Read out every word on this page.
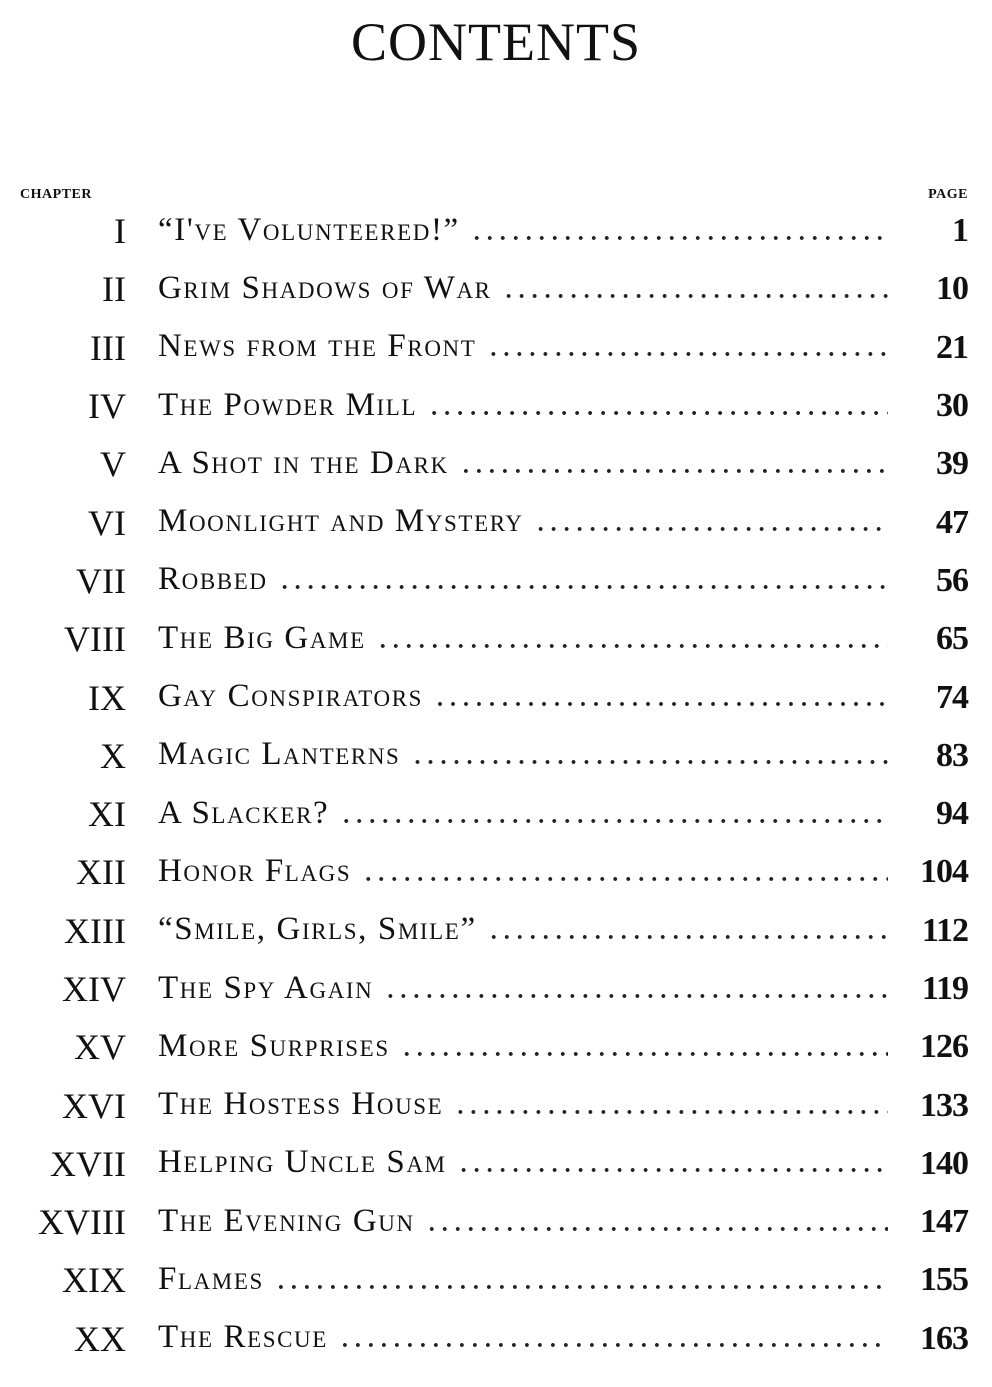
CONTENTS
chapter	page
I “I've Volunteered!” . . .	1
II Grim Shadows of War . . .	10
III News from the Front . . .	21
IV The Powder Mill . . .	30
V A Shot in the Dark . . .	39
VI Moonlight and Mystery . . .	47
VII Robbed . . .	56
VIII The Big Game . . .	65
IX Gay Conspirators . . .	74
X Magic Lanterns . . .	83
XI A Slacker? . . .	94
XII Honor Flags . . .	104
XIII “Smile, Girls, Smile” . . .	112
XIV The Spy Again . . .	119
XV More Surprises . . .	126
XVI The Hostess House . . .	133
XVII Helping Uncle Sam . . .	140
XVIII The Evening Gun . . .	147
XIX Flames . . .	155
XX The Rescue . . .	163
